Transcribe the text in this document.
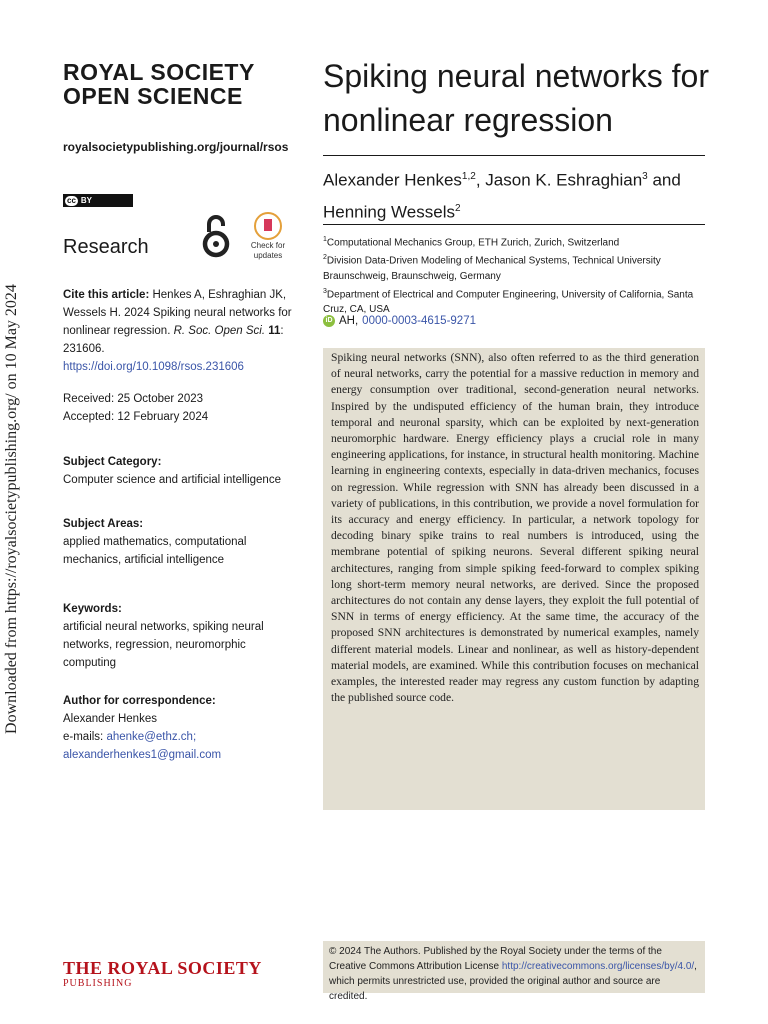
Downloaded from https://royalsocietypublishing.org/ on 10 May 2024
ROYAL SOCIETY
OPEN SCIENCE
royalsocietypublishing.org/journal/rsos
cc BY
Research	Check for
updates
Cite this article: Henkes A, Eshraghian JK, Wessels H. 2024 Spiking neural networks for nonlinear regression. R. Soc. Open Sci. 11: 231606.
https://doi.org/10.1098/rsos.231606
Received: 25 October 2023
Accepted: 12 February 2024
Subject Category:
Computer science and artificial intelligence
Subject Areas:
applied mathematics, computational mechanics, artificial intelligence
Keywords:
artificial neural networks, spiking neural networks, regression, neuromorphic computing
Author for correspondence:
Alexander Henkes
e-mails: ahenke@ethz.ch;
alexanderhenkes1@gmail.com
Spiking neural networks for nonlinear regression
Alexander Henkes$^{1,2}$, Jason K. Eshraghian$^3$ and Henning Wessels$^2$
$^1$Computational Mechanics Group, ETH Zurich, Zurich, Switzerland
$^2$Division Data-Driven Modeling of Mechanical Systems, Technical University Braunschweig, Braunschweig, Germany
$^3$Department of Electrical and Computer Engineering, University of California, Santa Cruz, CA, USA
iD AH, 0000-0003-4615-9271
Spiking neural networks (SNN), also often referred to as the third generation of neural networks, carry the potential for a massive reduction in memory and energy consumption over traditional, second-generation neural networks. Inspired by the undisputed efficiency of the human brain, they introduce temporal and neuronal sparsity, which can be exploited by next-generation neuromorphic hardware. Energy efficiency plays a crucial role in many engineering applications, for instance, in structural health monitoring. Machine learning in engineering contexts, especially in data-driven mechanics, focuses on regression. While regression with SNN has already been discussed in a variety of publications, in this contribution, we provide a novel formulation for its accuracy and energy efficiency. In particular, a network topology for decoding binary spike trains to real numbers is introduced, using the membrane potential of spiking neurons. Several different spiking neural architectures, ranging from simple spiking feed-forward to complex spiking long short-term memory neural networks, are derived. Since the proposed architectures do not contain any dense layers, they exploit the full potential of SNN in terms of energy efficiency. At the same time, the accuracy of the proposed SNN architectures is demonstrated by numerical examples, namely different material models. Linear and nonlinear, as well as history-dependent material models, are examined. While this contribution focuses on mechanical examples, the interested reader may regress any custom function by adapting the published source code.
THE ROYAL SOCIETY
PUBLISHING
© 2024 The Authors. Published by the Royal Society under the terms of the Creative Commons Attribution License http://creativecommons.org/licenses/by/4.0/, which permits unrestricted use, provided the original author and source are credited.
